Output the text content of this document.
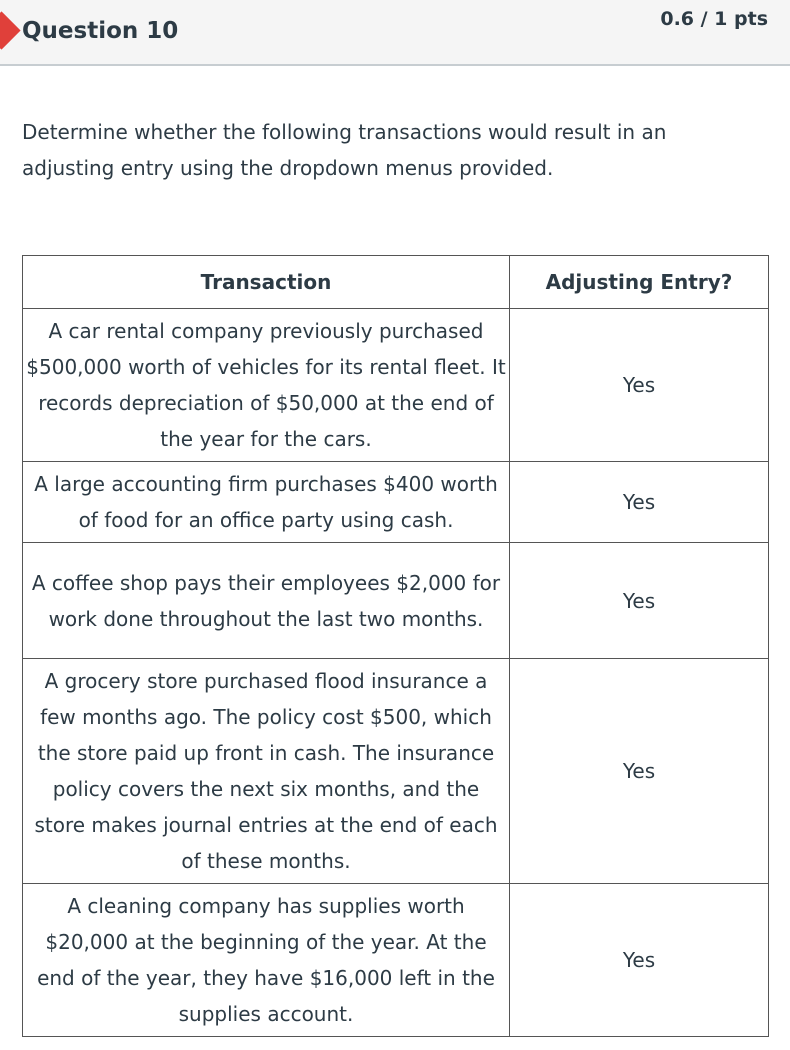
Question 10	0.6 / 1 pts
Determine whether the following transactions would result in an adjusting entry using the dropdown menus provided.
Transaction	Adjusting Entry?
A car rental company previously purchased $500,000 worth of vehicles for its rental fleet. It records depreciation of $50,000 at the end of the year for the cars.	Yes
A large accounting firm purchases $400 worth of food for an office party using cash.	Yes
A coffee shop pays their employees $2,000 for work done throughout the last two months.	Yes
A grocery store purchased flood insurance a few months ago. The policy cost $500, which the store paid up front in cash. The insurance policy covers the next six months, and the store makes journal entries at the end of each of these months.	Yes
A cleaning company has supplies worth $20,000 at the beginning of the year. At the end of the year, they have $16,000 left in the supplies account.	Yes
